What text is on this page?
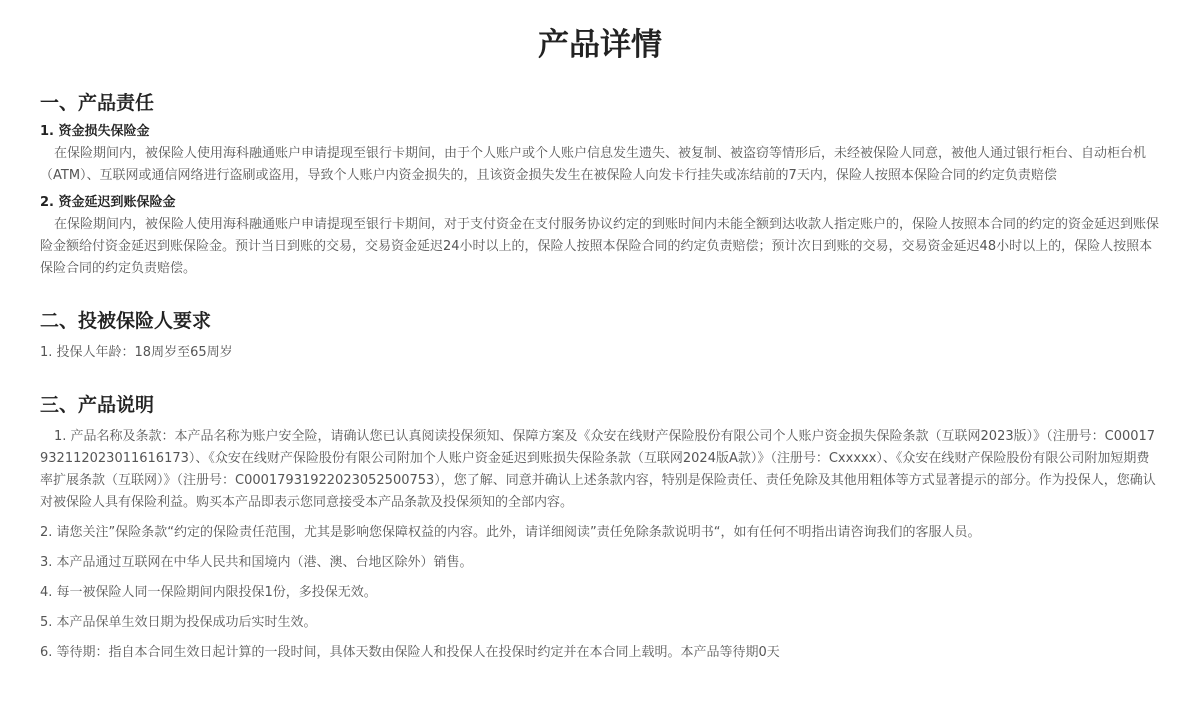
产品详情
一、产品责任
1. 资金损失保险金

在保险期间内，被保险人使用海科融通账户申请提现至银行卡期间，由于个人账户或个人账户信息发生遗失、被复制、被盗窃等情形后，未经被保险人同意，被他人通过银行柜台、自动柜台机（ATM）、互联网或通信网络进行盗刷或盗用，导致个人账户内资金损失的，且该资金损失发生在被保险人向发卡行挂失或冻结前的7天内，保险人按照本保险合同的约定负责赔偿

2. 资金延迟到账保险金

在保险期间内，被保险人使用海科融通账户申请提现至银行卡期间，对于支付资金在支付服务协议约定的到账时间内未能全额到达收款人指定账户的，保险人按照本合同的约定的资金延迟到账保险金额给付资金延迟到账保险金。预计当日到账的交易，交易资金延迟24小时以上的，保险人按照本保险合同的约定负责赔偿；预计次日到账的交易，交易资金延迟48小时以上的，保险人按照本保险合同的约定负责赔偿。

二、投被保险人要求

1. 投保人年龄：18周岁至65周岁

三、产品说明

1. 产品名称及条款：本产品名称为账户安全险，请确认您已认真阅读投保须知、保障方案及《众安在线财产保险股份有限公司个人账户资金损失保险条款（互联网2023版）》（注册号：C00017932112023011616173）、《众安在线财产保险股份有限公司附加个人账户资金延迟到账损失保险条款（互联网2024版A款）》（注册号：Cxxxxx）、《众安在线财产保险股份有限公司附加短期费率扩展条款（互联网）》（注册号：C00017931922023052500753），您了解、同意并确认上述条款内容，特别是保险责任、责任免除及其他用粗体等方式显著提示的部分。作为投保人，您确认对被保险人具有保险利益。购买本产品即表示您同意接受本产品条款及投保须知的全部内容。

2. 请您关注”保险条款“约定的保险责任范围，尤其是影响您保障权益的内容。此外，请详细阅读”责任免除条款说明书“，如有任何不明指出请咨询我们的客服人员。

3. 本产品通过互联网在中华人民共和国境内（港、澳、台地区除外）销售。

4. 每一被保险人同一保险期间内限投保1份，多投保无效。

5. 本产品保单生效日期为投保成功后实时生效。

6. 等待期：指自本合同生效日起计算的一段时间，具体天数由保险人和投保人在投保时约定并在本合同上载明。本产品等待期0天
